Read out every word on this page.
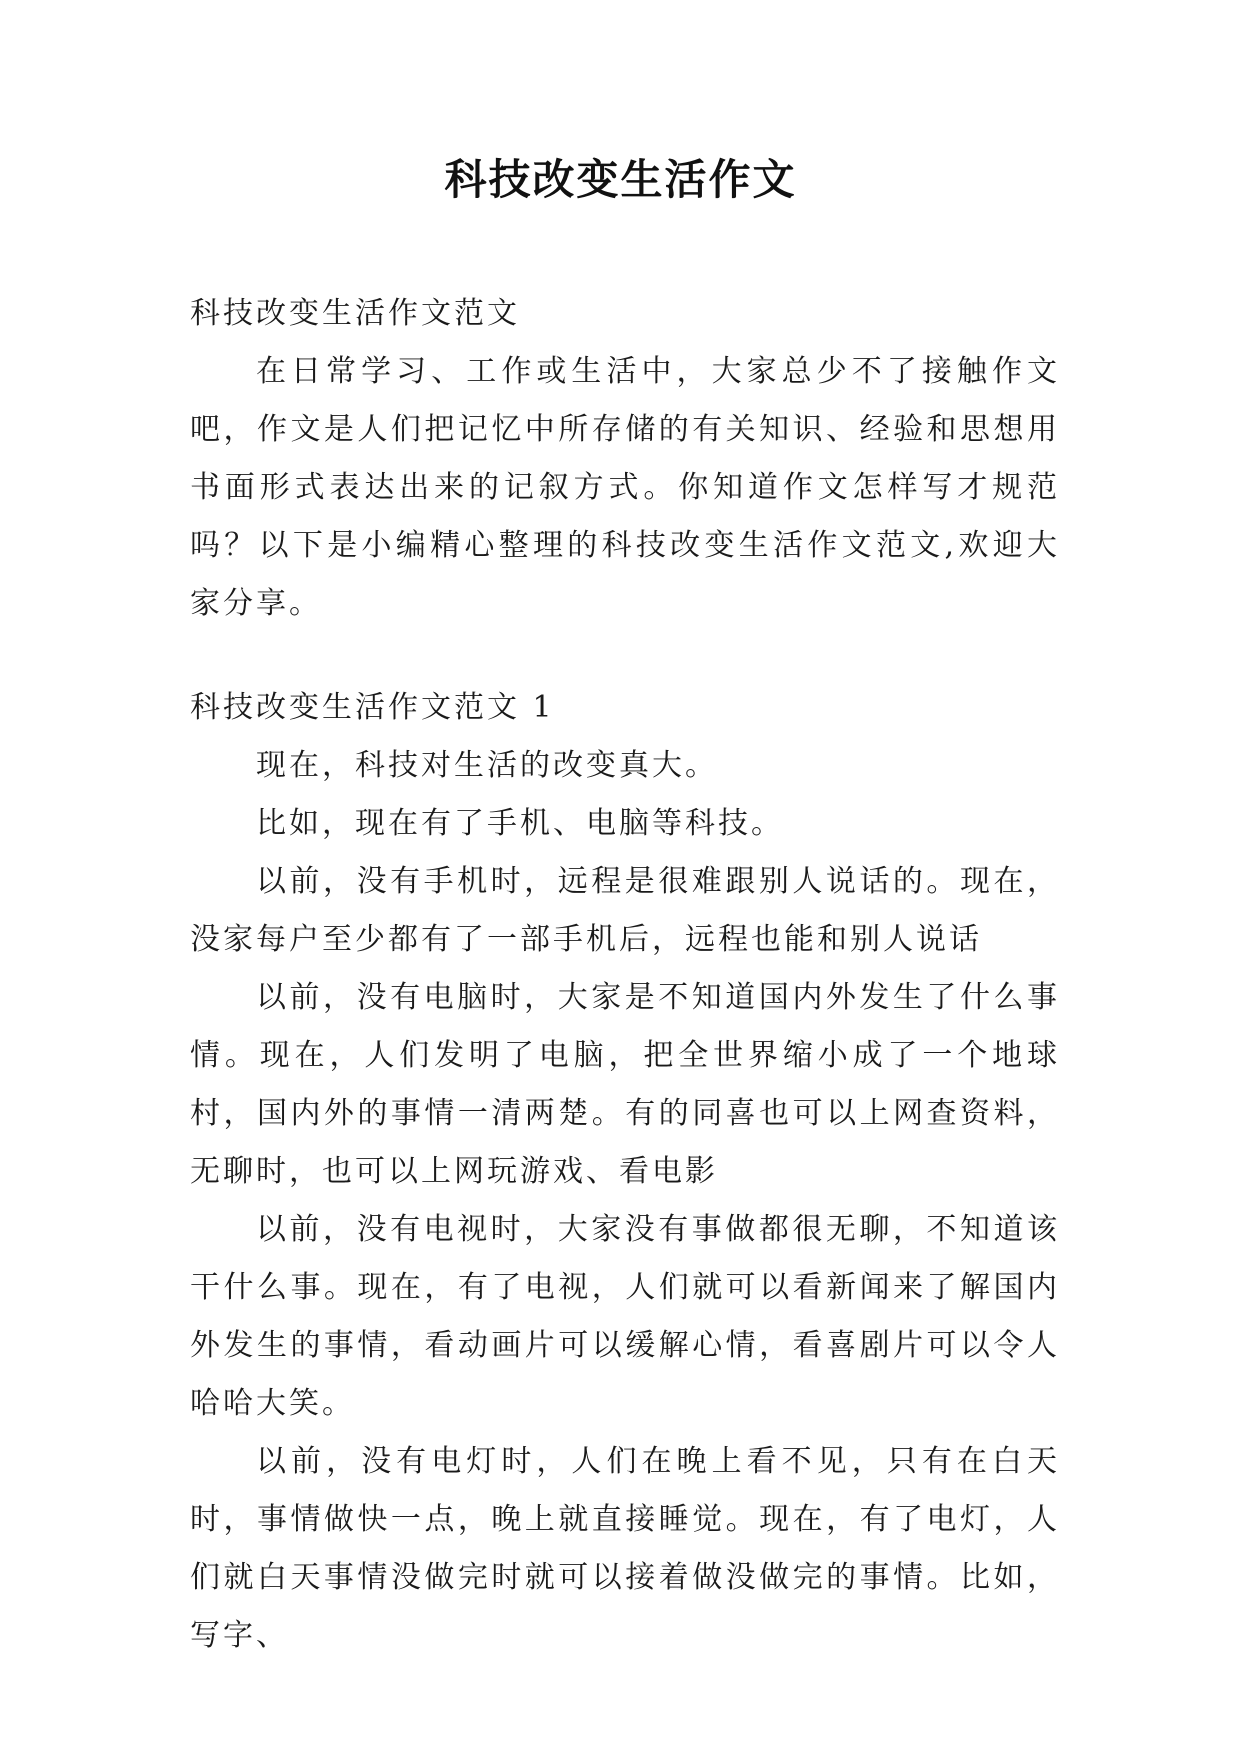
科技改变生活作文

科技改变生活作文范文

在日常学习、工作或生活中，大家总少不了接触作文吧，作文是人们把记忆中所存储的有关知识、经验和思想用书面形式表达出来的记叙方式。你知道作文怎样写才规范吗？以下是小编精心整理的科技改变生活作文范文,欢迎大家分享。

科技改变生活作文范文 1

现在，科技对生活的改变真大。

比如，现在有了手机、电脑等科技。

以前，没有手机时，远程是很难跟别人说话的。现在，没家每户至少都有了一部手机后，远程也能和别人说话

以前，没有电脑时，大家是不知道国内外发生了什么事情。现在，人们发明了电脑，把全世界缩小成了一个地球村，国内外的事情一清两楚。有的同喜也可以上网查资料，无聊时，也可以上网玩游戏、看电影

以前，没有电视时，大家没有事做都很无聊，不知道该干什么事。现在，有了电视，人们就可以看新闻来了解国内外发生的事情，看动画片可以缓解心情，看喜剧片可以令人哈哈大笑。

以前，没有电灯时，人们在晚上看不见，只有在白天时，事情做快一点，晚上就直接睡觉。现在，有了电灯，人们就白天事情没做完时就可以接着做没做完的事情。比如，写字、
